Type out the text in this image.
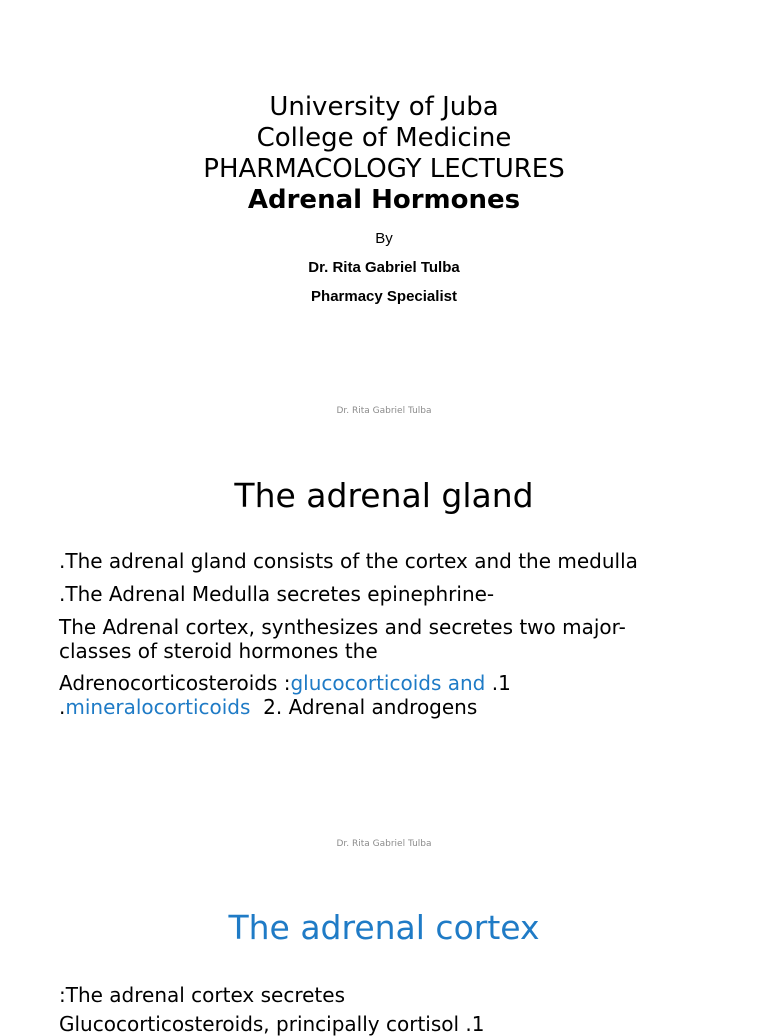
University of Juba
College of Medicine
PHARMACOLOGY LECTURES
Adrenal Hormones
By
Dr. Rita Gabriel Tulba
Pharmacy Specialist
Dr. Rita Gabriel Tulba
The adrenal gland
.The adrenal gland consists of the cortex and the medulla
.The Adrenal Medulla secretes epinephrine-
The Adrenal cortex, synthesizes and secretes two major-
classes of steroid hormones the
Adrenocorticosteroids :glucocorticoids and .1
.mineralocorticoids  2. Adrenal androgens
Dr. Rita Gabriel Tulba
The adrenal cortex
:The adrenal cortex secretes
Glucocorticosteroids, principally cortisol .1
